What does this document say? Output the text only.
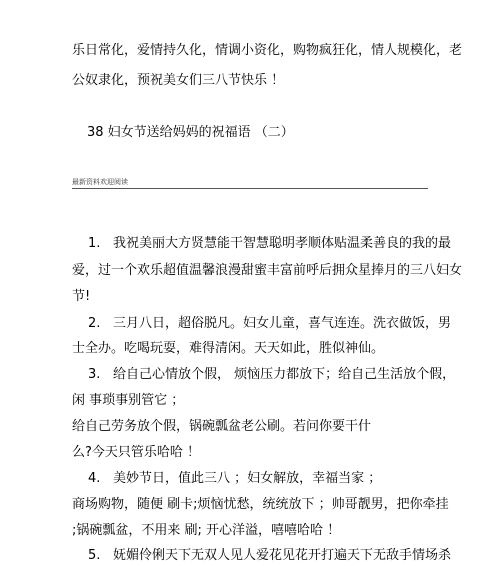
乐日常化，爱情持久化，情调小资化，购物疯狂化，情人规模化，老
公奴隶化，预祝美女们三八节快乐 ！
38 妇女节送给妈妈的祝福语 （二）
最新资料欢迎阅读
1. 我祝美丽大方贤慧能干智慧聪明孝顺体贴温柔善良的我的最
爱，过一个欢乐超值温馨浪漫甜蜜丰富前呼后拥众星捧月的三八妇女
节!
2. 三月八日，超俗脱凡。妇女儿童，喜气连连。洗衣做饭，男
士全办。吃喝玩耍，难得清闲。天天如此，胜似神仙。
3. 给自己心情放个假， 烦恼压力都放下；给自己生活放个假，
闲 事琐事别管它 ；
给自己劳务放个假，锅碗瓢盆老公刷。若问你要干什
么?今天只管乐哈哈 ！
4. 美妙节日，值此三八 ；妇女解放，幸福当家 ；
商场购物，随便 刷卡;烦恼忧愁，统统放下 ；帅哥靓男，把你牵挂
;锅碗瓢盆，不用来 刷; 开心洋溢，嘻嘻哈哈 ！
5. 妩媚伶俐天下无双人见人爱花见花开打遍天下无敌手情场杀
